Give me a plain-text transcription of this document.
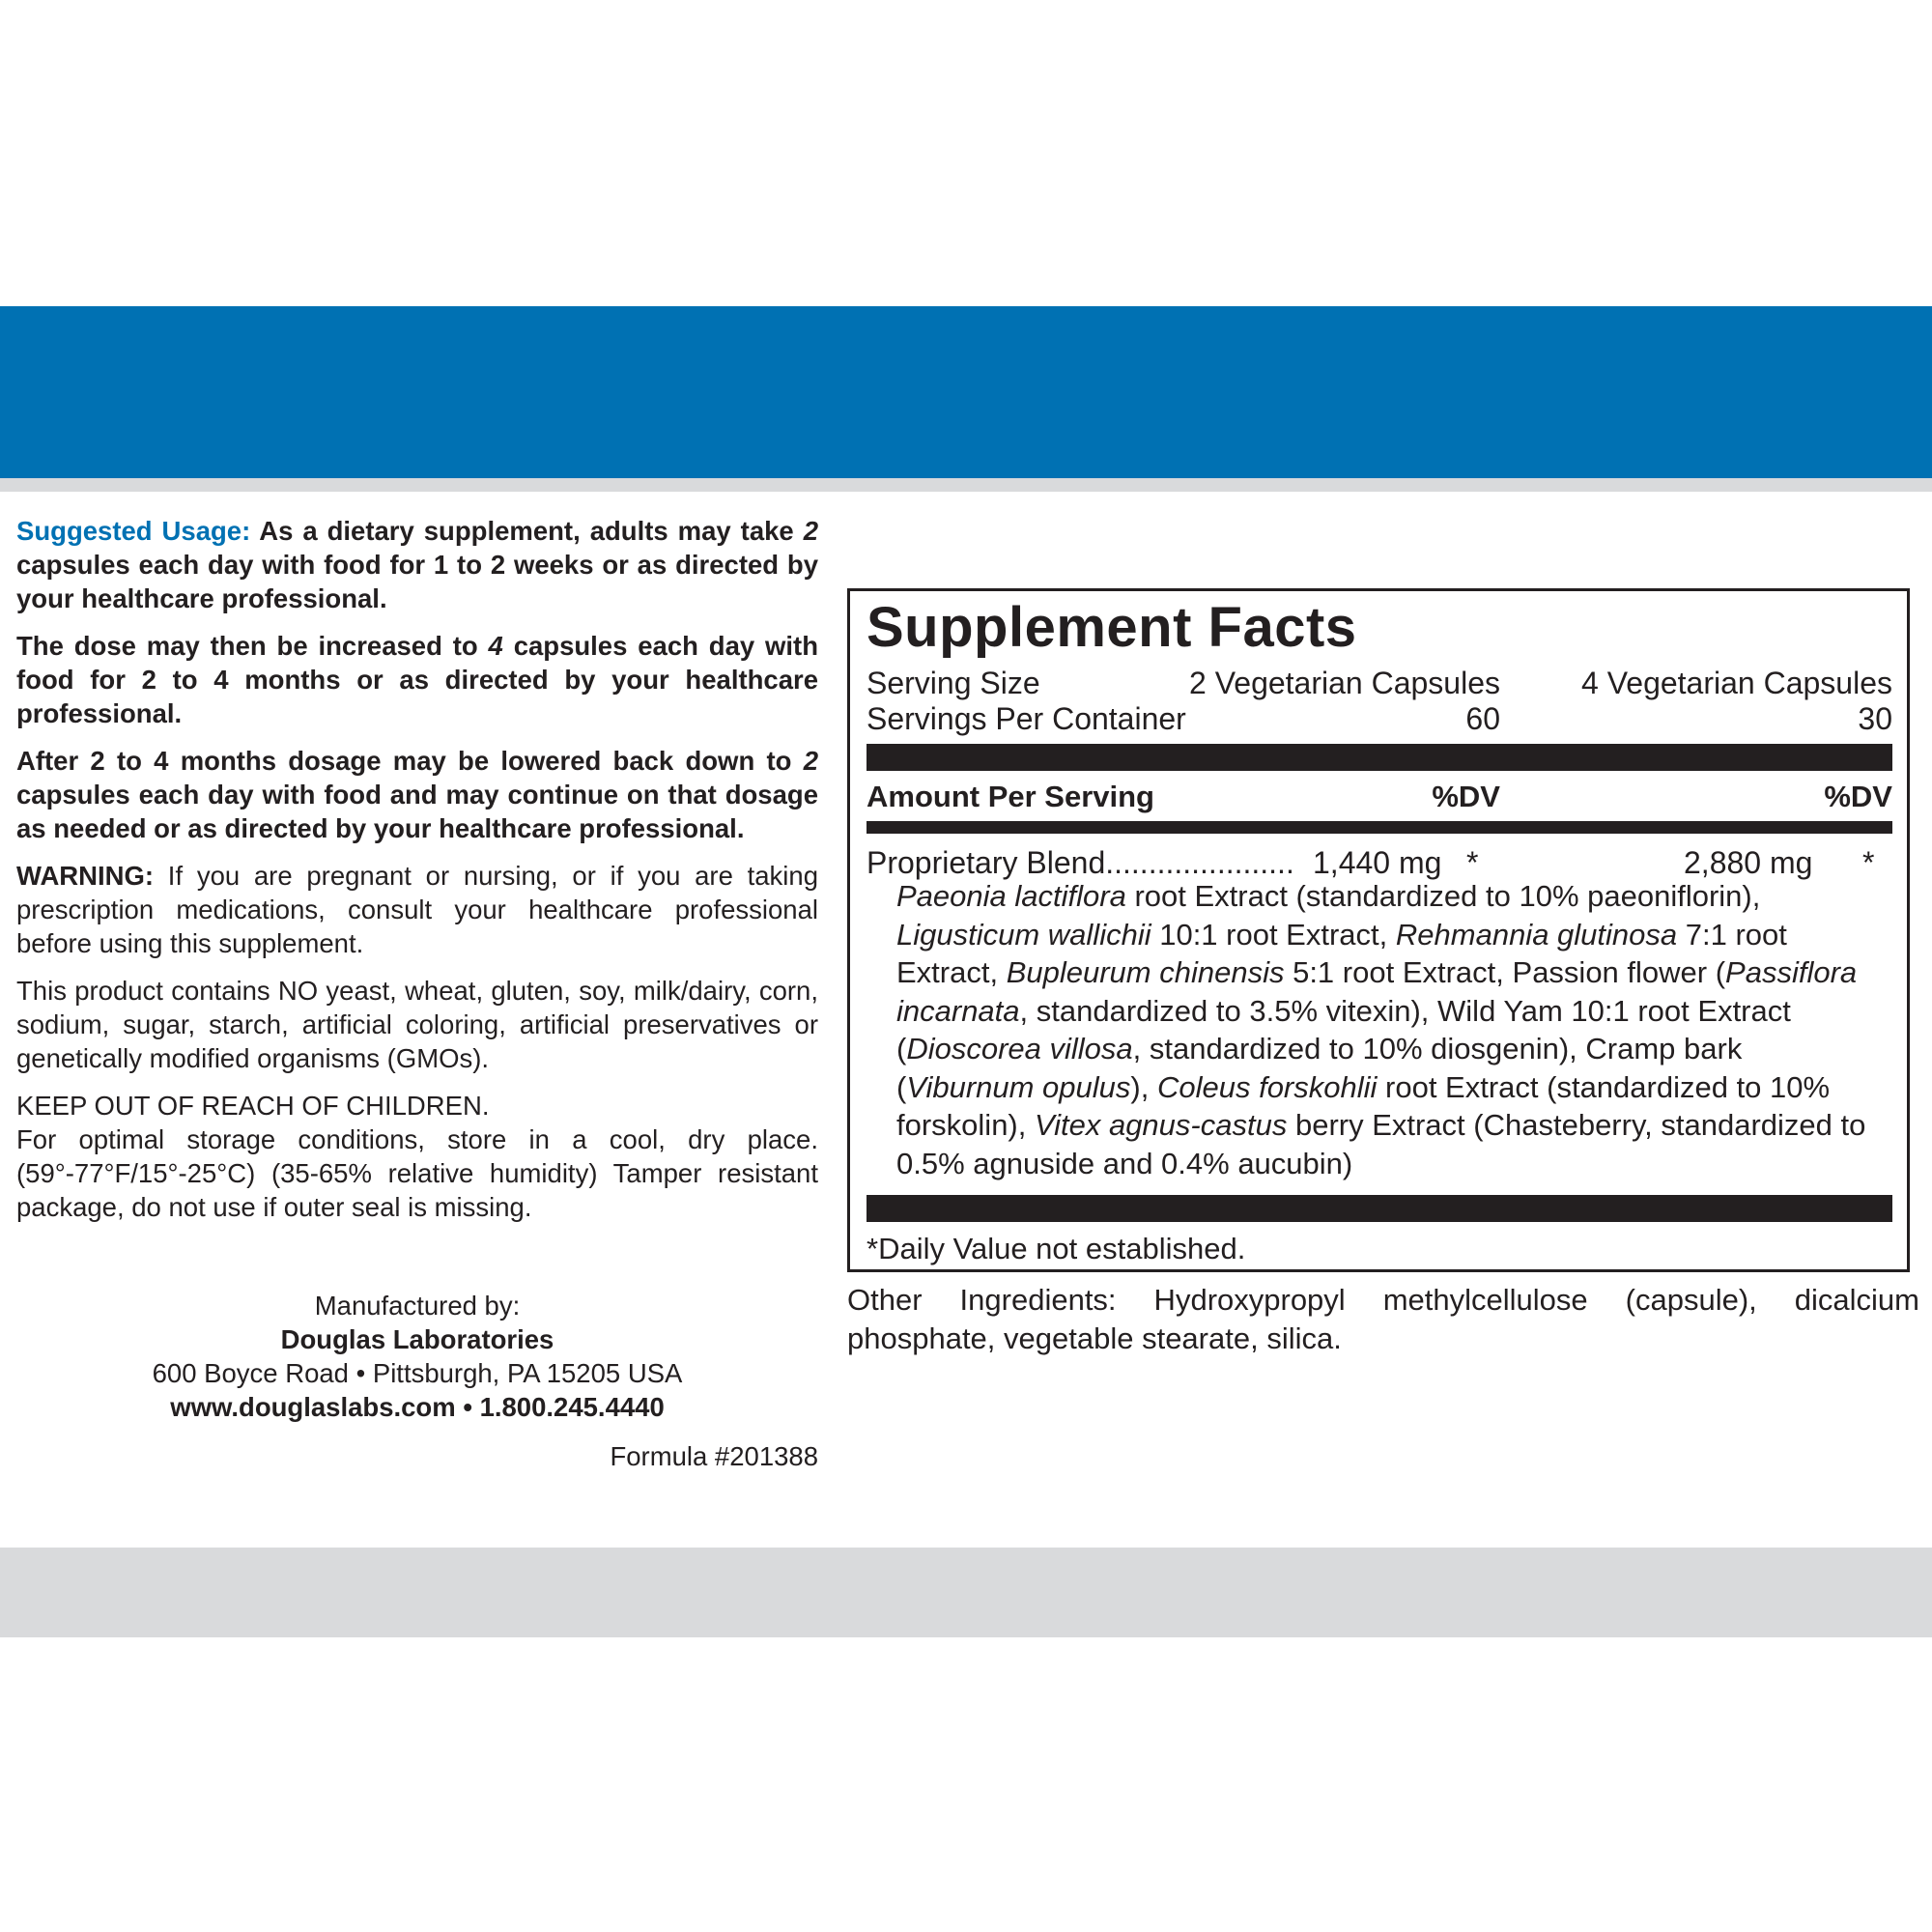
Suggested Usage: As a dietary supplement, adults may take 2 capsules each day with food for 1 to 2 weeks or as directed by your healthcare professional.

The dose may then be increased to 4 capsules each day with food for 2 to 4 months or as directed by your healthcare professional.

After 2 to 4 months dosage may be lowered back down to 2 capsules each day with food and may continue on that dosage as needed or as directed by your healthcare professional.

WARNING: If you are pregnant or nursing, or if you are taking prescription medications, consult your healthcare professional before using this supplement.

This product contains NO yeast, wheat, gluten, soy, milk/dairy, corn, sodium, sugar, starch, artificial coloring, artificial preservatives or genetically modified organisms (GMOs).

KEEP OUT OF REACH OF CHILDREN.

For optimal storage conditions, store in a cool, dry place. (59°-77°F/15°-25°C) (35-65% relative humidity) Tamper resistant package, do not use if outer seal is missing.

Manufactured by:
Douglas Laboratories
600 Boyce Road • Pittsburgh, PA 15205 USA
www.douglaslabs.com • 1.800.245.4440
Formula #201388
Supplement Facts
Serving Size	2 Vegetarian Capsules	4 Vegetarian Capsules
Servings Per Container	60	30
Amount Per Serving	%DV	%DV
Proprietary Blend...................... 1,440 mg *	2,880 mg *
Paeonia lactiflora root Extract (standardized to 10% paeoniflorin), Ligusticum wallichii 10:1 root Extract, Rehmannia glutinosa 7:1 root Extract, Bupleurum chinensis 5:1 root Extract, Passion flower (Passiflora incarnata, standardized to 3.5% vitexin), Wild Yam 10:1 root Extract (Dioscorea villosa, standardized to 10% diosgenin), Cramp bark (Viburnum opulus), Coleus forskohlii root Extract (standardized to 10% forskolin), Vitex agnus-castus berry Extract (Chasteberry, standardized to 0.5% agnuside and 0.4% aucubin)
*Daily Value not established.
Other Ingredients: Hydroxypropyl methylcellulose (capsule), dicalcium phosphate, vegetable stearate, silica.
